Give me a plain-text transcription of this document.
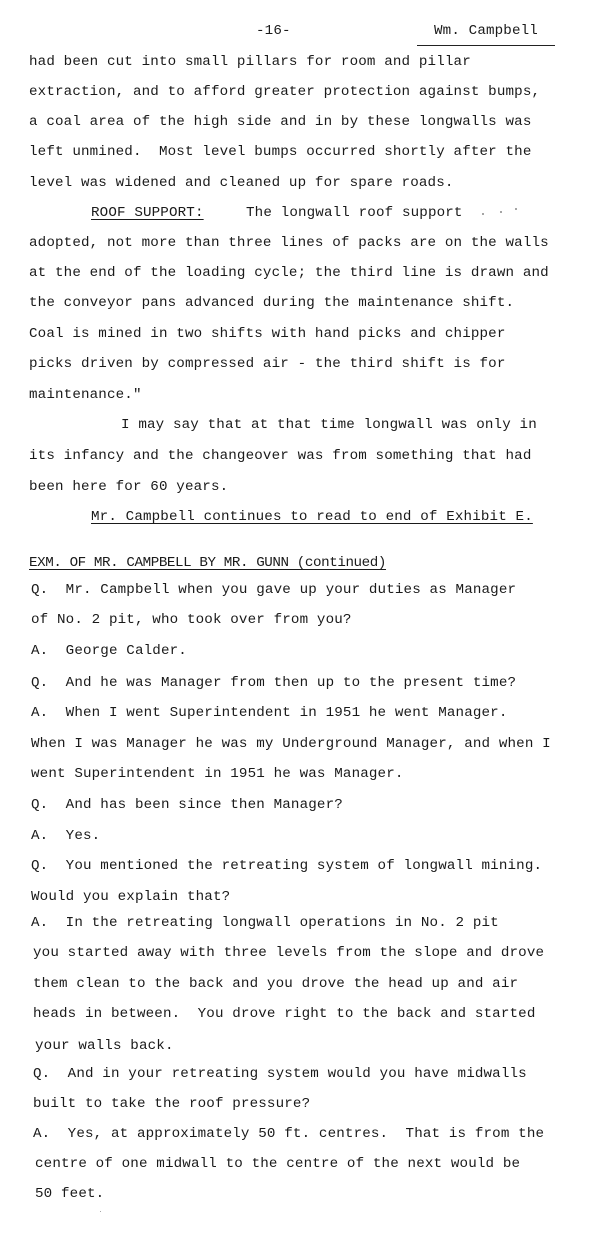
-16-	Wm. Campbell
had been cut into small pillars for room and pillar
extraction, and to afford greater protection against bumps,
a coal area of the high side and in by these longwalls was
left unmined.  Most level bumps occurred shortly after the
level was widened and cleaned up for spare roads.
ROOF SUPPORT:	The longwall roof support
adopted, not more than three lines of packs are on the walls
at the end of the loading cycle; the third line is drawn and
the conveyor pans advanced during the maintenance shift.
Coal is mined in two shifts with hand picks and chipper
picks driven by compressed air - the third shift is for
maintenance."
I may say that at that time longwall was only in
its infancy and the changeover was from something that had
been here for 60 years.
Mr. Campbell continues to read to end of Exhibit E.
EXM. OF MR. CAMPBELL BY MR. GUNN (continued)
Q.  Mr. Campbell when you gave up your duties as Manager
of No. 2 pit, who took over from you?
A.  George Calder.
Q.  And he was Manager from then up to the present time?
A.  When I went Superintendent in 1951 he went Manager.
When I was Manager he was my Underground Manager, and when I
went Superintendent in 1951 he was Manager.
Q.  And has been since then Manager?
A.  Yes.
Q.  You mentioned the retreating system of longwall mining.
Would you explain that?
A.  In the retreating longwall operations in No. 2 pit
you started away with three levels from the slope and drove
them clean to the back and you drove the head up and air
heads in between.  You drove right to the back and started
your walls back.
Q.  And in your retreating system would you have midwalls
built to take the roof pressure?
A.  Yes, at approximately 50 ft. centres.  That is from the
centre of one midwall to the centre of the next would be
50 feet.
